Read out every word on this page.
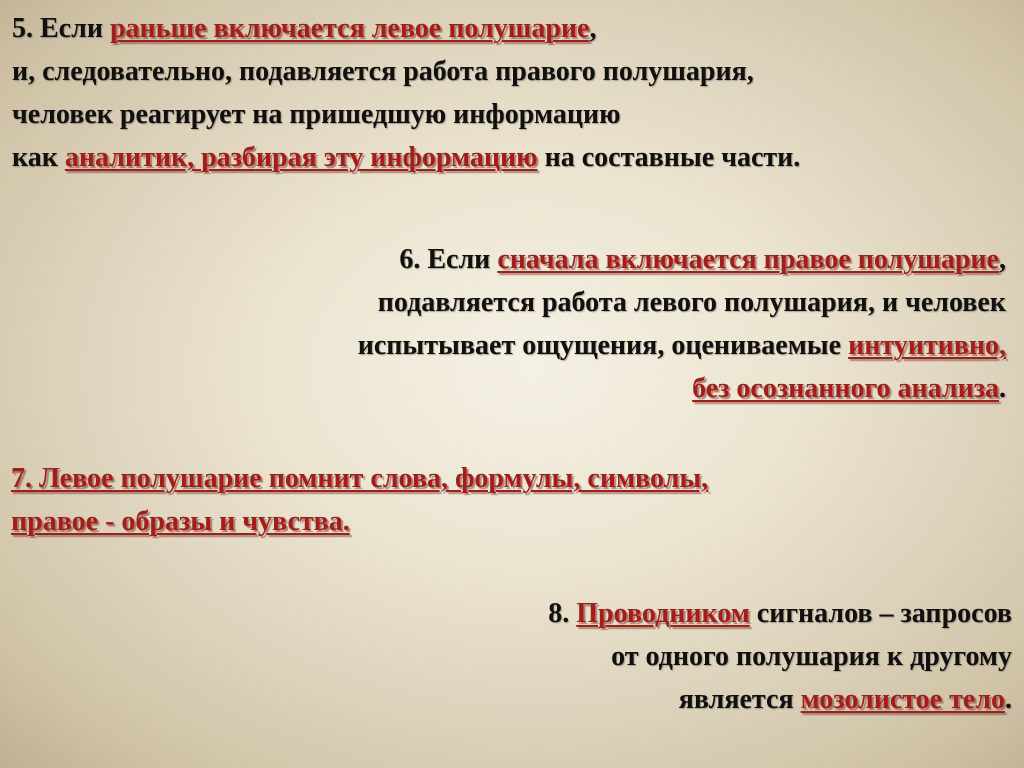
5. Если раньше включается левое полушарие,
и, следовательно, подавляется работа правого полушария,
человек реагирует на пришедшую информацию
как аналитик, разбирая эту информацию на составные части.
6. Если сначала включается правое полушарие,
подавляется работа левого полушария, и человек
испытывает ощущения, оцениваемые интуитивно,
без осознанного анализа.
7. Левое полушарие помнит слова, формулы, символы,
правое - образы и чувства.
8. Проводником сигналов – запросов
от одного полушария к другому
является мозолистое тело.
